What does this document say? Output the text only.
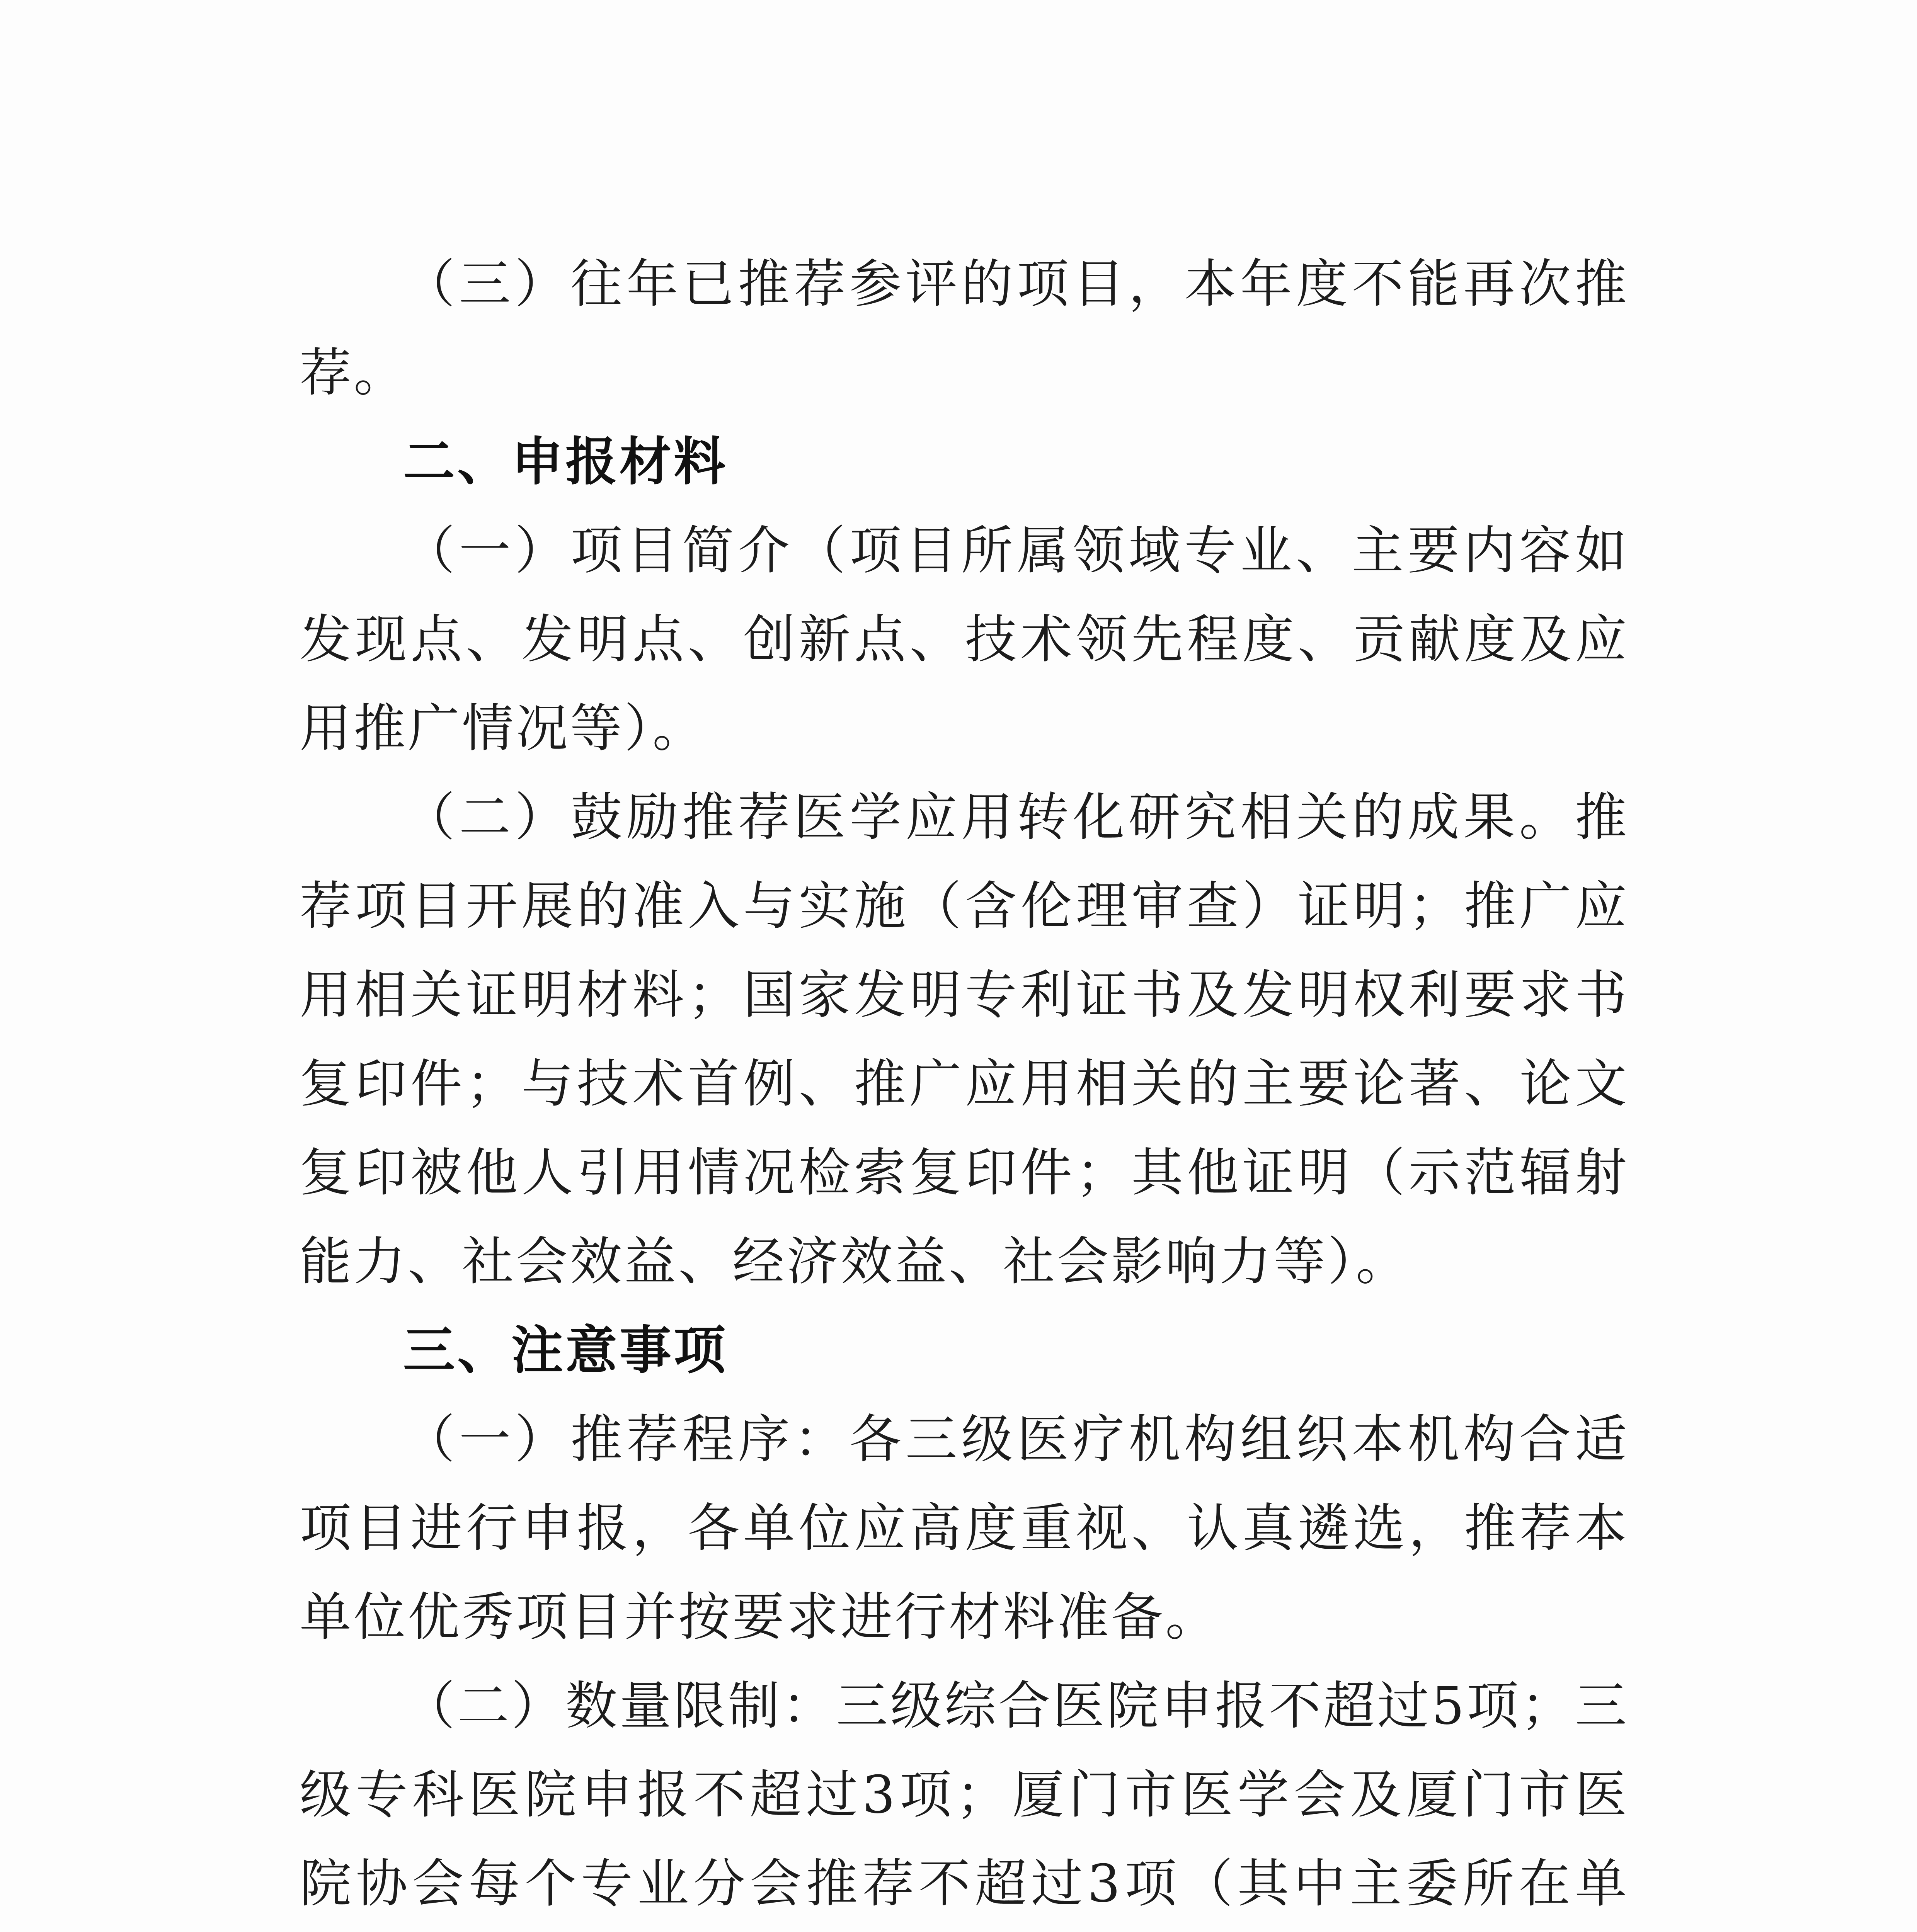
（三）往年已推荐参评的项目，本年度不能再次推荐。

二、申报材料

（一）项目简介（项目所属领域专业、主要内容如发现点、发明点、创新点、技术领先程度、贡献度及应用推广情况等）。

（二）鼓励推荐医学应用转化研究相关的成果。推荐项目开展的准入与实施（含伦理审查）证明；推广应用相关证明材料；国家发明专利证书及发明权利要求书复印件；与技术首例、推广应用相关的主要论著、论文复印被他人引用情况检索复印件；其他证明（示范辐射能力、社会效益、经济效益、社会影响力等）。

三、注意事项

（一）推荐程序：各三级医疗机构组织本机构合适项目进行申报，各单位应高度重视、认真遴选，推荐本单位优秀项目并按要求进行材料准备。

（二）数量限制：三级综合医院申报不超过5项；三级专科医院申报不超过3项；厦门市医学会及厦门市医院协会每个专业分会推荐不超过3项（其中主委所在单
